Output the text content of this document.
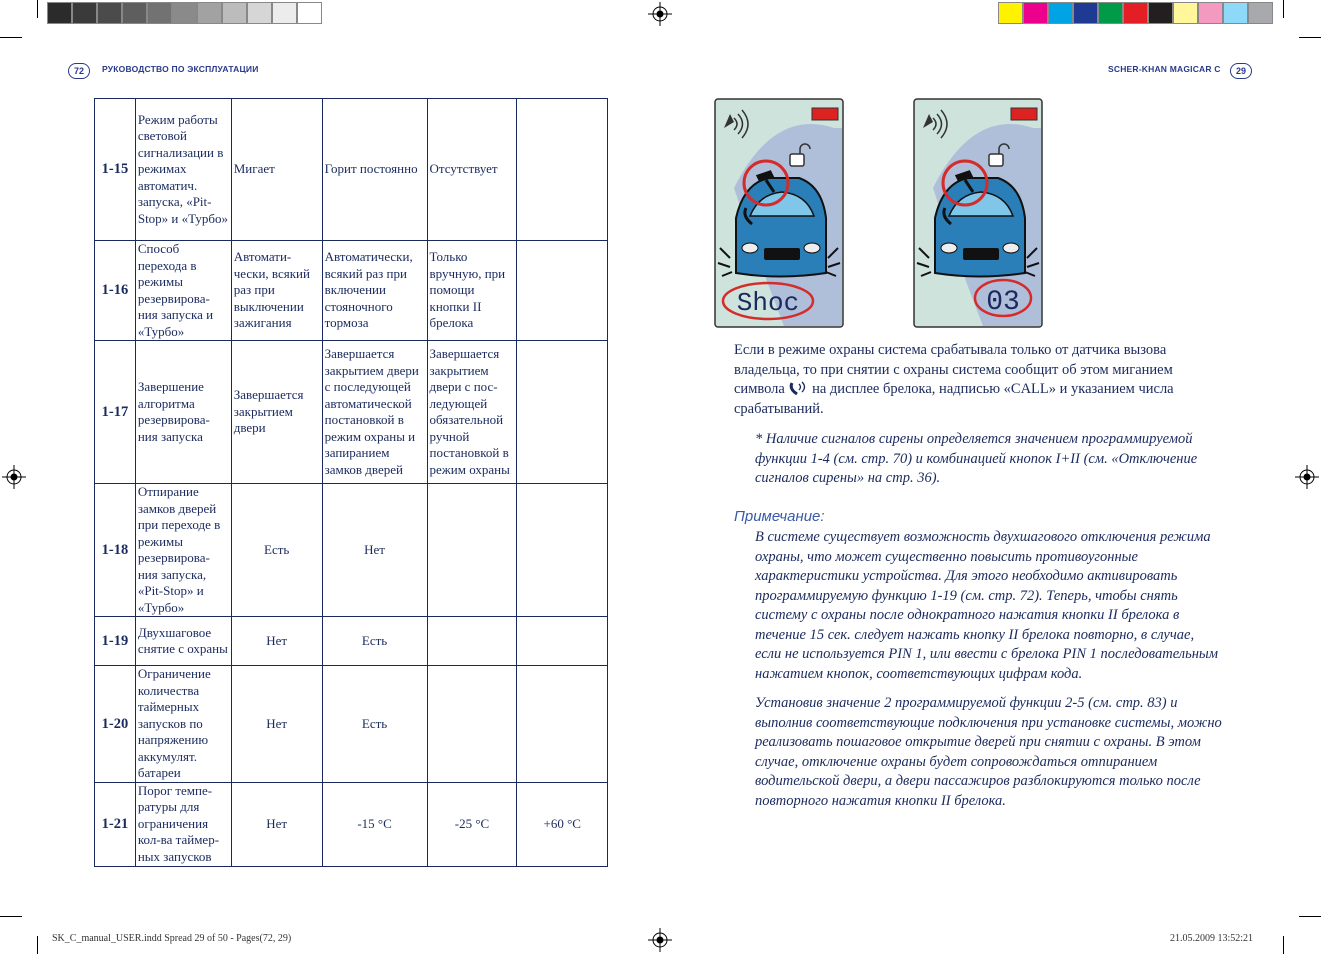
72	РУКОВОДСТВО ПО ЭКСПЛУАТАЦИИ	SCHER-KHAN MAGICAR C	29
1-15	Режим работы световой сигнализации в режимах автоматич. запуска, «Pit-Stop» и «Турбо»	Мигает	Горит постоянно	Отсутствует	
1-16	Способ перехода в режимы резервирова-ния запуска и «Турбо»	Автомати-чески, всякий раз при выключении зажигания	Автоматически, всякий раз при включении стояночного тормоза	Только вручную, при помощи кнопки II брелока	
1-17	Завершение алгоритма резервирова-ния запуска	Завершается закрытием двери	Завершается закрытием двери с последующей автоматической постановкой в режим охраны и запиранием замков дверей	Завершается закрытием двери с пос-ледующей обязательной ручной постановкой в режим охраны	
1-18	Отпирание замков дверей при переходе в режимы резервирова-ния запуска, «Pit-Stop» и «Турбо»	Есть	Нет		
1-19	Двухшаговое снятие с охраны	Нет	Есть		
1-20	Ограничение количества таймерных запусков по напряжению аккумулят. батареи	Нет	Есть		
1-21	Порог темпе-ратуры для ограничения кол-ва таймер-ных запусков	Нет	-15 °С	-25 °С	+60 °С
Shoc	03
Если в режиме охраны система срабатывала только от датчика вызова владельца, то при снятии с охраны система сообщит об этом миганием символа на дисплее брелока, надписью «CALL» и указанием числа срабатываний.
* Наличие сигналов сирены определяется значением программируемой функции 1-4 (см. стр. 70) и комбинацией кнопок I+II (см. «Отключение сигналов сирены» на стр. 36).
Примечание:
В системе существует возможность двухшагового отключения режима охраны, что может существенно повысить противоугонные характеристики устройства. Для этого необходимо активировать программируемую функцию 1-19 (см. стр. 72). Теперь, чтобы снять систему с охраны после однократного нажатия кнопки II брелока в течение 15 сек. следует нажать кнопку II брелока повторно, в случае, если не используется PIN 1, или ввести с брелока PIN 1 последовательным нажатием кнопок, соответствующих цифрам кода.
Установив значение 2 программируемой функции 2-5 (см. стр. 83) и выполнив соответствующие подключения при установке системы, можно реализовать пошаговое открытие дверей при снятии с охраны. В этом случае, отключение охраны будет сопровождаться отпиранием водительской двери, а двери пассажиров разблокируются только после повторного нажатия кнопки II брелока.
SK_C_manual_USER.indd Spread 29 of 50 - Pages(72, 29)	21.05.2009 13:52:21
